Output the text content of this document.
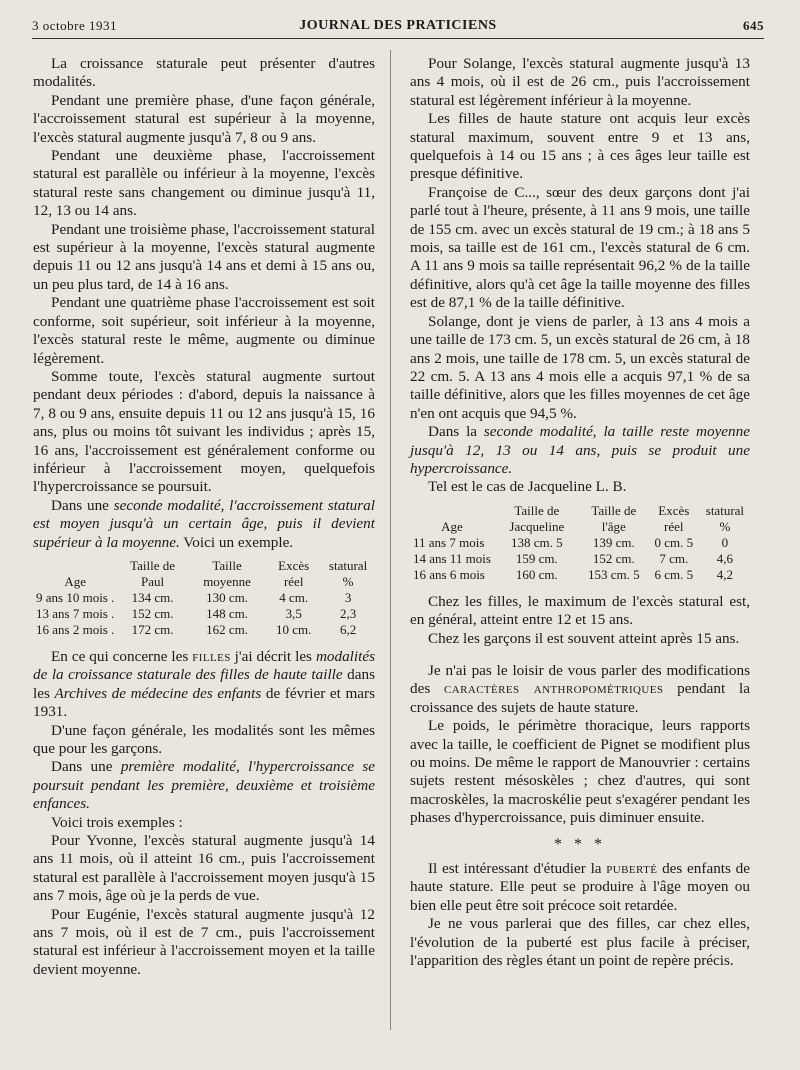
3 octobre 1931	JOURNAL DES PRATICIENS	645

La croissance staturale peut présenter d'autres modalités.

Pendant une première phase, d'une façon générale, l'accroissement statural est supérieur à la moyenne, l'excès statural augmente jusqu'à 7, 8 ou 9 ans.

Pendant une deuxième phase, l'accroissement statural est parallèle ou inférieur à la moyenne, l'excès statural reste sans changement ou diminue jusqu'à 11, 12, 13 ou 14 ans.

Pendant une troisième phase, l'accroissement statural est supérieur à la moyenne, l'excès statural augmente depuis 11 ou 12 ans jusqu'à 14 ans et demi à 15 ans ou, un peu plus tard, de 14 à 16 ans.

Pendant une quatrième phase l'accroissement est soit conforme, soit supérieur, soit inférieur à la moyenne, l'excès statural reste le même, augmente ou diminue légèrement.

Somme toute, l'excès statural augmente surtout pendant deux périodes : d'abord, depuis la naissance à 7, 8 ou 9 ans, ensuite depuis 11 ou 12 ans jusqu'à 15, 16 ans, plus ou moins tôt suivant les individus ; après 15, 16 ans, l'accroissement est généralement conforme ou inférieur à l'accroissement moyen, quelquefois l'hypercroissance se poursuit.

Dans une seconde modalité, l'accroissement statural est moyen jusqu'à un certain âge, puis il devient supérieur à la moyenne. Voici un exemple.

Age	Taille de Paul	Taille moyenne	Excès réel	statural %
9 ans 10 mois .	134 cm.	130 cm.	4 cm.	3
13 ans 7 mois .	152 cm.	148 cm.	3,5	2,3
16 ans 2 mois .	172 cm.	162 cm.	10 cm.	6,2

En ce qui concerne les filles j'ai décrit les modalités de la croissance staturale des filles de haute taille dans les Archives de médecine des enfants de février et mars 1931.

D'une façon générale, les modalités sont les mêmes que pour les garçons.

Dans une première modalité, l'hypercroissance se poursuit pendant les première, deuxième et troisième enfances.

Voici trois exemples :

Pour Yvonne, l'excès statural augmente jusqu'à 14 ans 11 mois, où il atteint 16 cm., puis l'accroissement statural est parallèle à l'accroissement moyen jusqu'à 15 ans 7 mois, âge où je la perds de vue.

Pour Eugénie, l'excès statural augmente jusqu'à 12 ans 7 mois, où il est de 7 cm., puis l'accroissement statural est inférieur à l'accroissement moyen et la taille devient moyenne.

Pour Solange, l'excès statural augmente jusqu'à 13 ans 4 mois, où il est de 26 cm., puis l'accroissement statural est légèrement inférieur à la moyenne.

Les filles de haute stature ont acquis leur excès statural maximum, souvent entre 9 et 13 ans, quelquefois à 14 ou 15 ans ; à ces âges leur taille est presque définitive.

Françoise de C..., sœur des deux garçons dont j'ai parlé tout à l'heure, présente, à 11 ans 9 mois, une taille de 155 cm. avec un excès statural de 19 cm.; à 18 ans 5 mois, sa taille est de 161 cm., l'excès statural de 6 cm. A 11 ans 9 mois sa taille représentait 96,2 % de la taille définitive, alors qu'à cet âge la taille moyenne des filles est de 87,1 % de la taille définitive.

Solange, dont je viens de parler, à 13 ans 4 mois a une taille de 173 cm. 5, un excès statural de 26 cm, à 18 ans 2 mois, une taille de 178 cm. 5, un excès statural de 22 cm. 5. A 13 ans 4 mois elle a acquis 97,1 % de sa taille définitive, alors que les filles moyennes de cet âge n'en ont acquis que 94,5 %.

Dans la seconde modalité, la taille reste moyenne jusqu'à 12, 13 ou 14 ans, puis se produit une hypercroissance.

Tel est le cas de Jacqueline L. B.

Age	Taille de Jacqueline	Taille de l'âge	Excès réel	statural %
11 ans 7 mois	138 cm. 5	139 cm.	0 cm. 5	0
14 ans 11 mois	159 cm.	152 cm.	7 cm.	4,6
16 ans 6 mois	160 cm.	153 cm. 5	6 cm. 5	4,2

Chez les filles, le maximum de l'excès statural est, en général, atteint entre 12 et 15 ans.

Chez les garçons il est souvent atteint après 15 ans.

Je n'ai pas le loisir de vous parler des modifications des caractères anthropométriques pendant la croissance des sujets de haute stature.

Le poids, le périmètre thoracique, leurs rapports avec la taille, le coefficient de Pignet se modifient plus ou moins. De même le rapport de Manouvrier : certains sujets restent mésoskèles ; chez d'autres, qui sont macroskèles, la macroskélie peut s'exagérer pendant les phases d'hypercroissance, puis diminuer ensuite.

* * *

Il est intéressant d'étudier la puberté des enfants de haute stature. Elle peut se produire à l'âge moyen ou bien elle peut être soit précoce soit retardée.

Je ne vous parlerai que des filles, car chez elles, l'évolution de la puberté est plus facile à préciser, l'apparition des règles étant un point de repère précis.
